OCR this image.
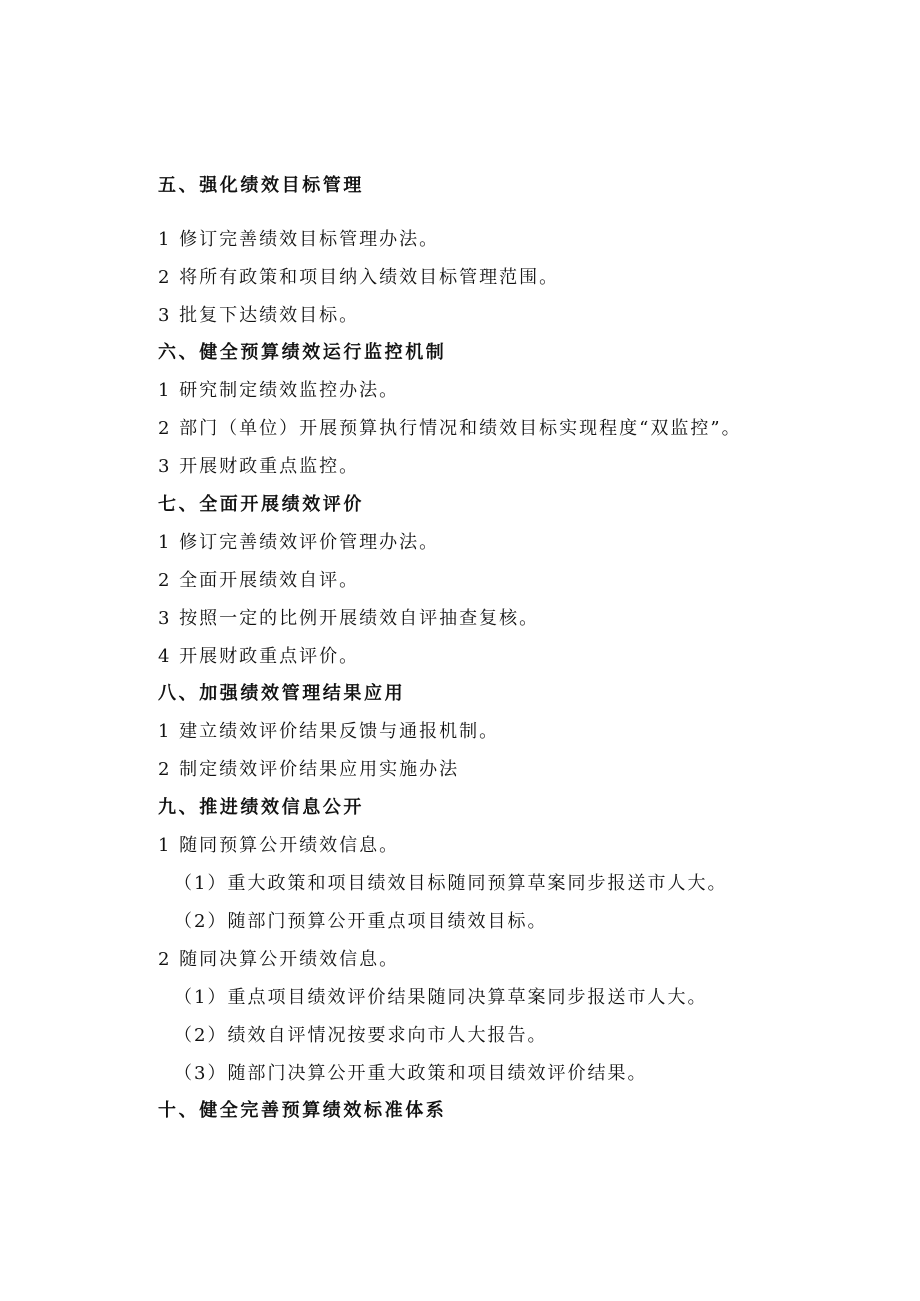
五、强化绩效目标管理
1 修订完善绩效目标管理办法。
2 将所有政策和项目纳入绩效目标管理范围。
3 批复下达绩效目标。
六、健全预算绩效运行监控机制
1 研究制定绩效监控办法。
2 部门（单位）开展预算执行情况和绩效目标实现程度“双监控”。
3 开展财政重点监控。
七、全面开展绩效评价
1 修订完善绩效评价管理办法。
2 全面开展绩效自评。
3 按照一定的比例开展绩效自评抽查复核。
4 开展财政重点评价。
八、加强绩效管理结果应用
1 建立绩效评价结果反馈与通报机制。
2 制定绩效评价结果应用实施办法
九、推进绩效信息公开
1 随同预算公开绩效信息。
（1）重大政策和项目绩效目标随同预算草案同步报送市人大。
（2）随部门预算公开重点项目绩效目标。
2 随同决算公开绩效信息。
（1）重点项目绩效评价结果随同决算草案同步报送市人大。
（2）绩效自评情况按要求向市人大报告。
（3）随部门决算公开重大政策和项目绩效评价结果。
十、健全完善预算绩效标准体系
